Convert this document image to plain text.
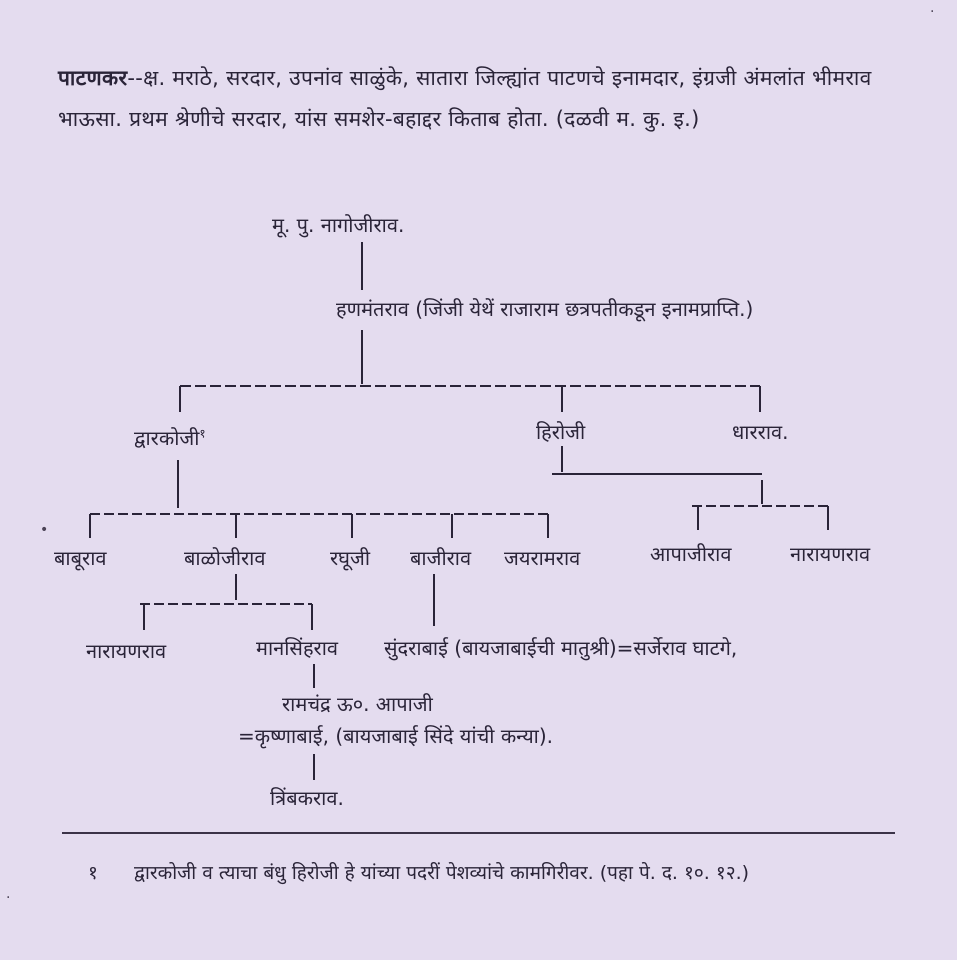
पाटणकर--क्ष. मराठे, सरदार, उपनांव साळुंके, सातारा जिल्ह्यांत पाटणचे इनामदार, इंग्रजी अंमलांत भीमराव भाऊसा. प्रथम श्रेणीचे सरदार, यांस समशेर-बहाद्दर किताब होता. (दळवी म. कु. इ.)
मू. पु. नागोजीराव.
हणमंतराव (जिंजी येथें राजाराम छत्रपतीकडून इनामप्राप्ति.)
द्वारकोजी$^१$	हिरोजी	धारराव.
बाबूराव	बाळोजीराव	रघूजी बाजीराव जयरामराव	आपाजीराव	नारायणराव
नारायणराव	मानसिंहराव सुंदराबाई (बायजाबाईची मातुश्री)=सर्जेराव घाटगे,
रामचंद्र ऊ०. आपाजी
=कृष्णाबाई, (बायजाबाई सिंदे यांची कन्या).
त्रिंबकराव.
१ द्वारकोजी व त्याचा बंधु हिरोजी हे यांच्या पदरीं पेशव्यांचे कामगिरीवर. (पहा पे. द. १०. १२.)
•
·
·
